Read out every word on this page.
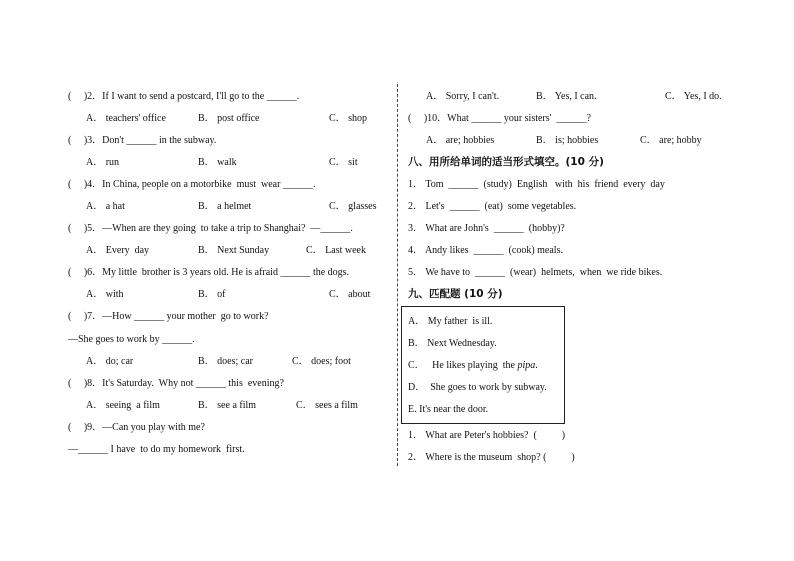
(     )2．If I want to send a postcard, I'll go to the ______.
A． teachers' office	B． post office	C． shop
(     )3．Don't ______ in the subway.
A． run	B． walk	C． sit
(     )4．In China, people on a motorbike  must  wear ______.
A． a hat	B． a helmet	C． glasses
(     )5．—When are they going  to take a trip to Shanghai?  —______.
A． Every  day	B． Next Sunday	C． Last week
(     )6．My little  brother is 3 years old. He is afraid ______ the dogs.
A． with	B． of	C． about
(     )7．—How ______ your mother  go to work?
—She goes to work by ______.
A． do; car	B． does; car	C． does; foot
(     )8．It's Saturday.  Why not ______ this  evening?
A． seeing  a film	B． see a film	C． sees a film
(     )9．—Can you play with me?
—______ I have  to do my homework  first.
A． Sorry, I can't.	B． Yes, I can.	C． Yes, I do.
(     )10．What ______ your sisters'  ______?
A． are; hobbies	B． is; hobbies	C． are; hobby
八、用所给单词的适当形式填空。(10 分)
1． Tom  ______  (study)  English   with  his  friend  every  day
2． Let's  ______  (eat)  some vegetables.
3． What are John's  ______  (hobby)?
4． Andy likes  ______  (cook) meals.
5． We have to  ______  (wear)  helmets,  when  we ride bikes.
九、匹配题 (10 分)
A． My father  is ill.
B． Next Wednesday.
C．   He likes playing  the pipa.
D．  She goes to work by subway.
E. It's near the door.
1． What are Peter's hobbies?  (          )
2． Where is the museum  shop? (          )
